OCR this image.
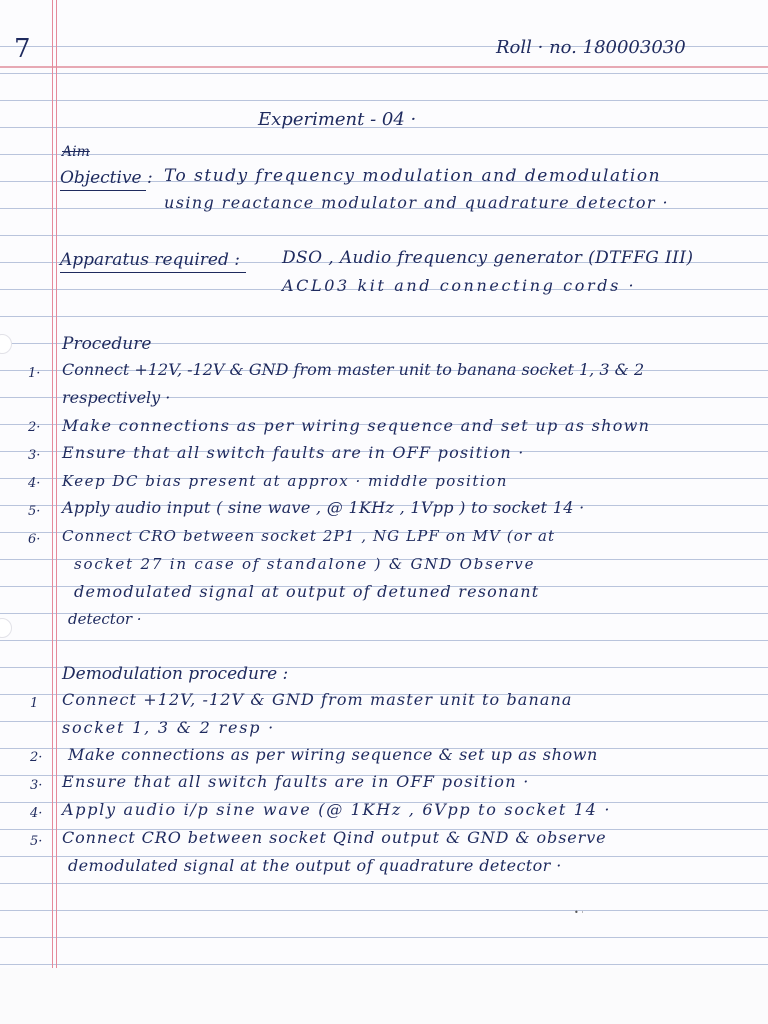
7	Roll · no. 180003030
Experiment - 04 ·
Aim
Objective : To study frequency modulation and demodulation
using reactance modulator and quadrature detector ·
Apparatus required : DSO , Audio frequency generator (DTFFG III)
ACL03 kit and connecting cords ·
Procedure
1· Connect +12V, -12V & GND from master unit to banana socket 1, 3 & 2
respectively ·
2· Make connections as per wiring sequence and set up as shown
3· Ensure that all switch faults are in OFF position ·
4· Keep DC bias present at approx · middle position
5· Apply audio input ( sine wave , @ 1KHz , 1Vpp ) to socket 14 ·
6· Connect CRO between socket 2P1 , NG LPF on MV (or at
socket 27 in case of standalone ) & GND Observe
demodulated signal at output of detuned resonant
detector ·
Demodulation procedure :
1 Connect +12V, -12V & GND from master unit to banana
socket 1, 3 & 2 resp ·
2· Make connections as per wiring sequence & set up as shown
3· Ensure that all switch faults are in OFF position ·
4· Apply audio i/p sine wave (@ 1KHz , 6Vpp to socket 14 ·
5· Connect CRO between socket Qind output & GND & observe
demodulated signal at the output of quadrature detector ·
• ·
